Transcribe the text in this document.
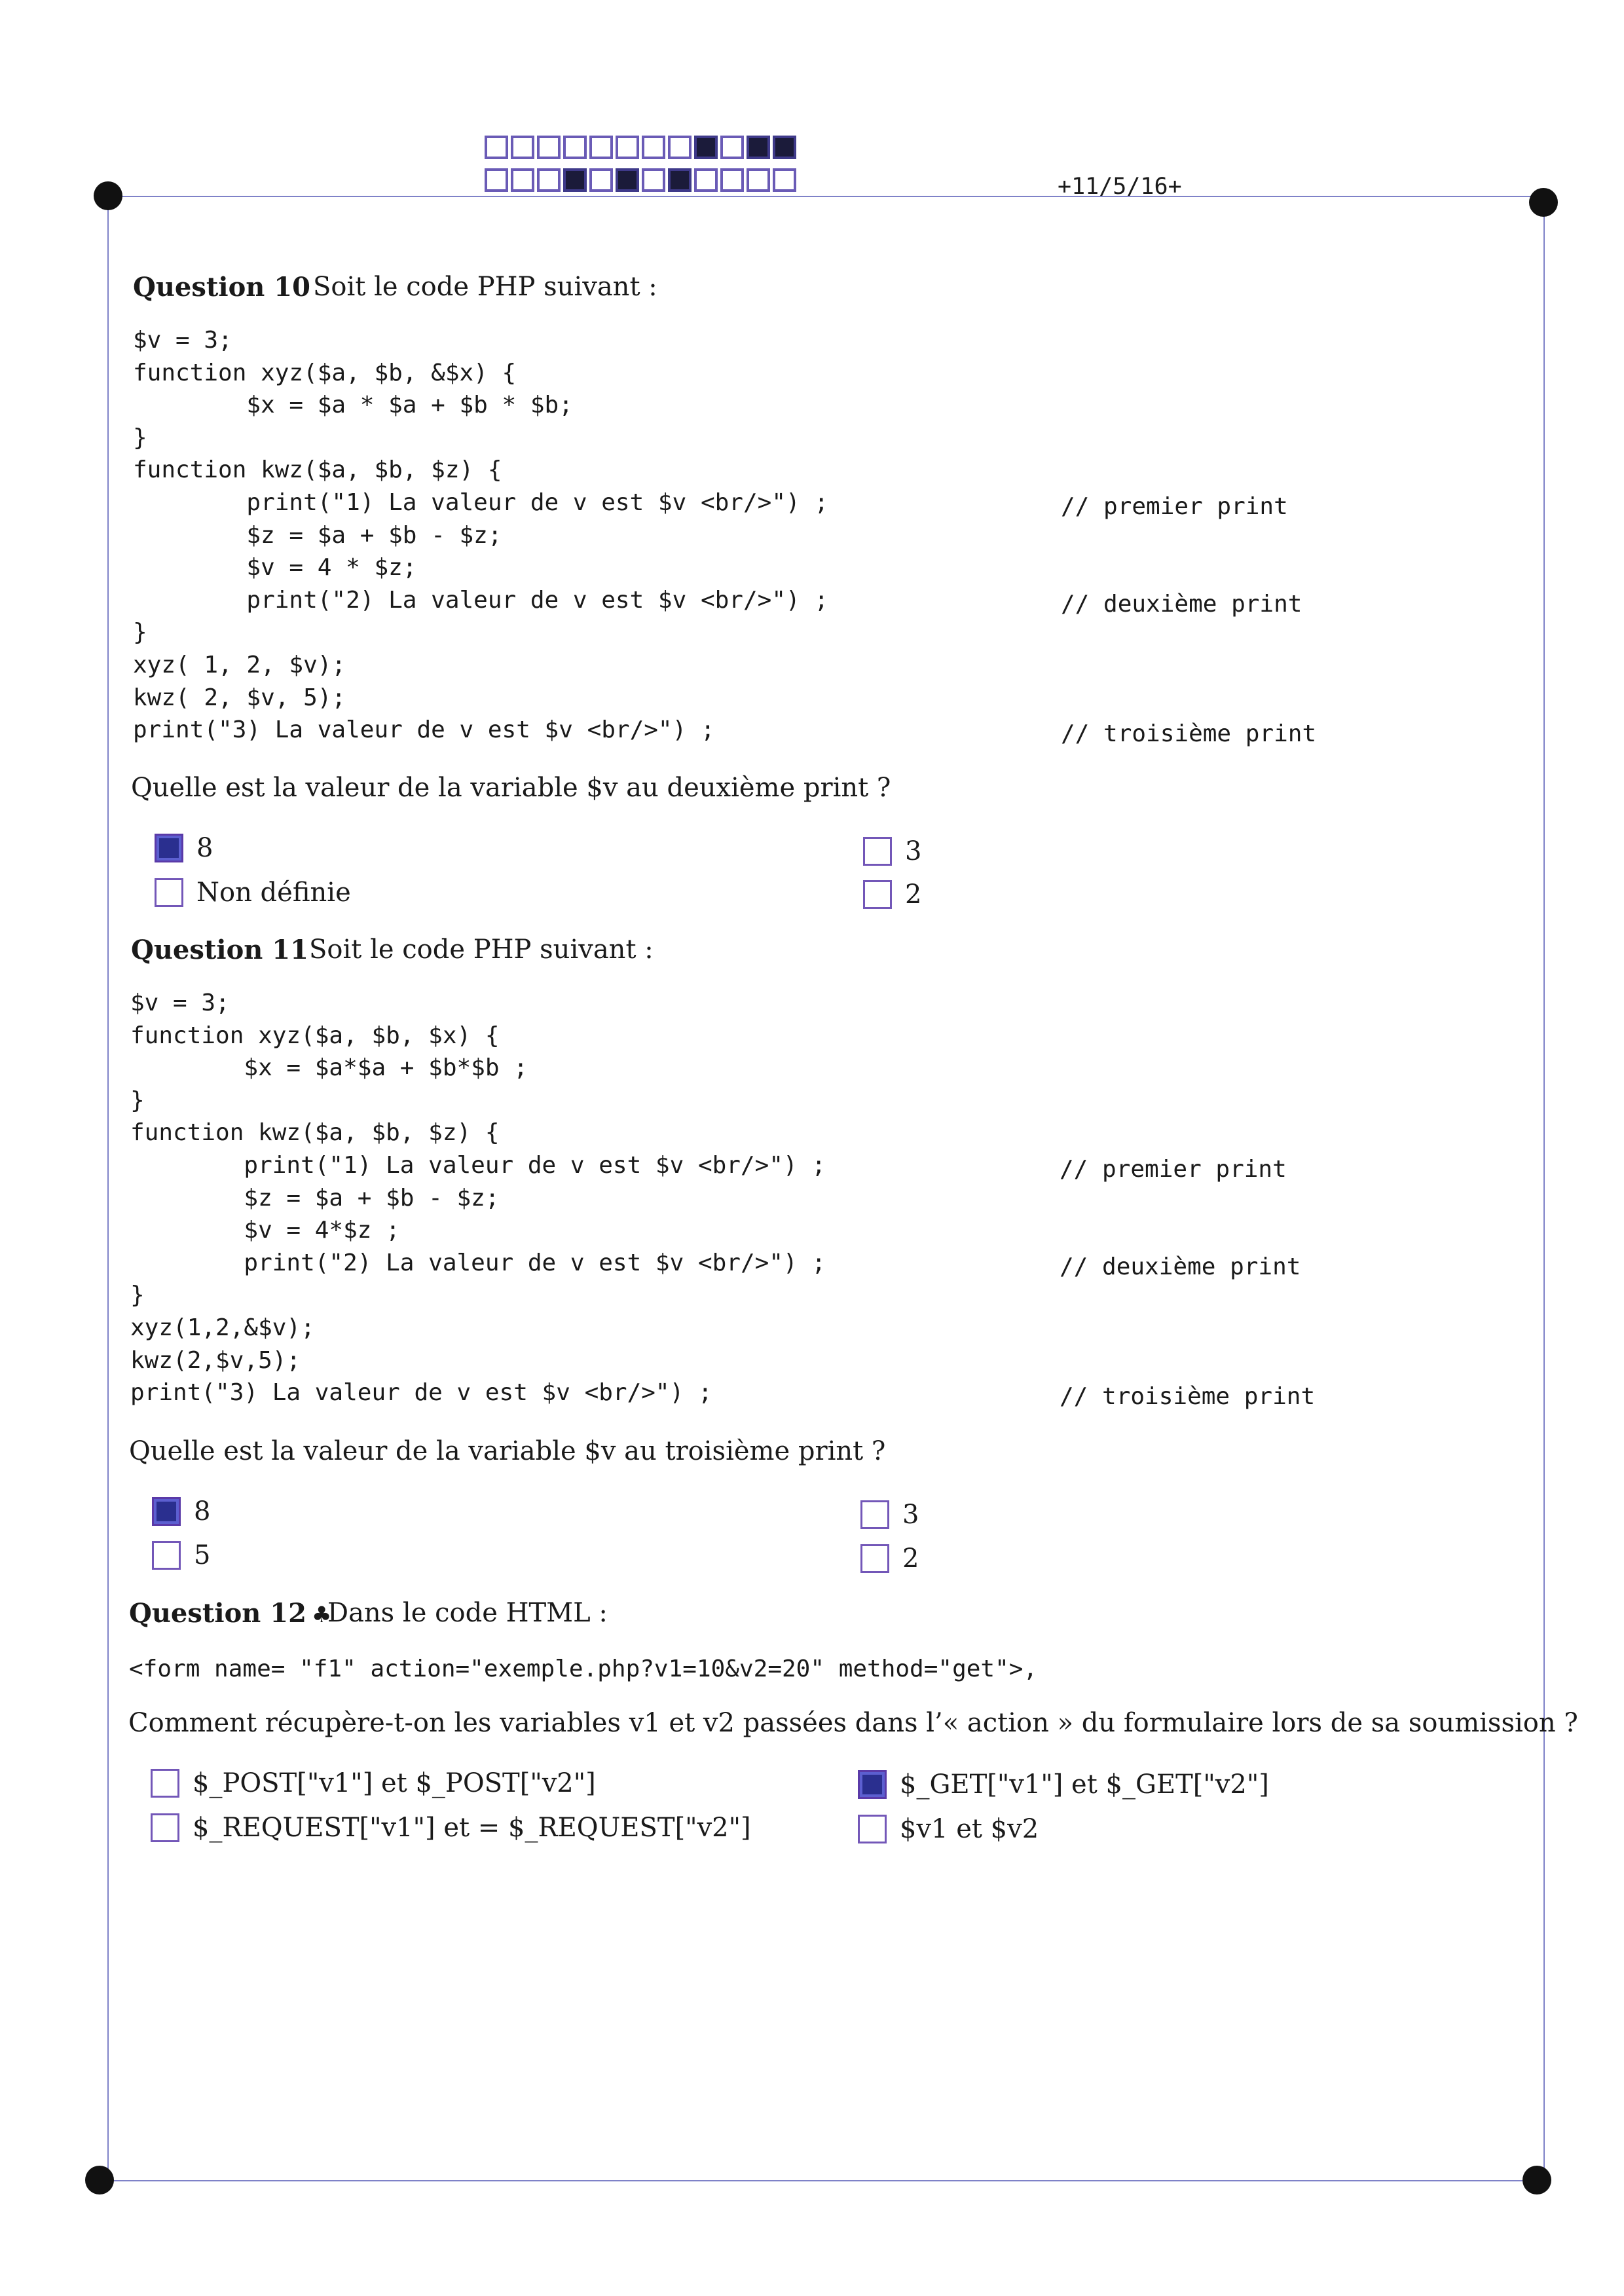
+11/5/16+
Question 10 Soit le code PHP suivant :
$v = 3;
function xyz($a, $b, &$x) {
$x = $a * $a + $b * $b;
}
function kwz($a, $b, $z) {
print("1) La valeur de v est $v <br/>") ;
$z = $a + $b - $z;
$v = 4 * $z;
print("2) La valeur de v est $v <br/>") ;
}
xyz( 1, 2, $v);
kwz( 2, $v, 5);
print("3) La valeur de v est $v <br/>") ;
// premier print
// deuxième print
// troisième print
Quelle est la valeur de la variable $v au deuxième print ?
8
Non définie
3
2
Question 11 Soit le code PHP suivant :
$v = 3;
function xyz($a, $b, $x) {
$x = $a*$a + $b*$b ;
}
function kwz($a, $b, $z) {
print("1) La valeur de v est $v <br/>") ;
$z = $a + $b - $z;
$v = 4*$z ;
print("2) La valeur de v est $v <br/>") ;
}
xyz(1,2,&$v);
kwz(2,$v,5);
print("3) La valeur de v est $v <br/>") ;
// premier print
// deuxième print
// troisième print
Quelle est la valeur de la variable $v au troisième print ?
8
5
3
2
Question 12 ♣
Dans le code HTML :
<form name= "f1" action="exemple.php?v1=10&v2=20" method="get">,
Comment récupère-t-on les variables v1 et v2 passées dans l’« action » du formulaire lors de sa soumission ?
$_POST["v1"] et $_POST["v2"]
$_REQUEST["v1"] et = $_REQUEST["v2"]
$_GET["v1"] et $_GET["v2"]
$v1 et $v2
